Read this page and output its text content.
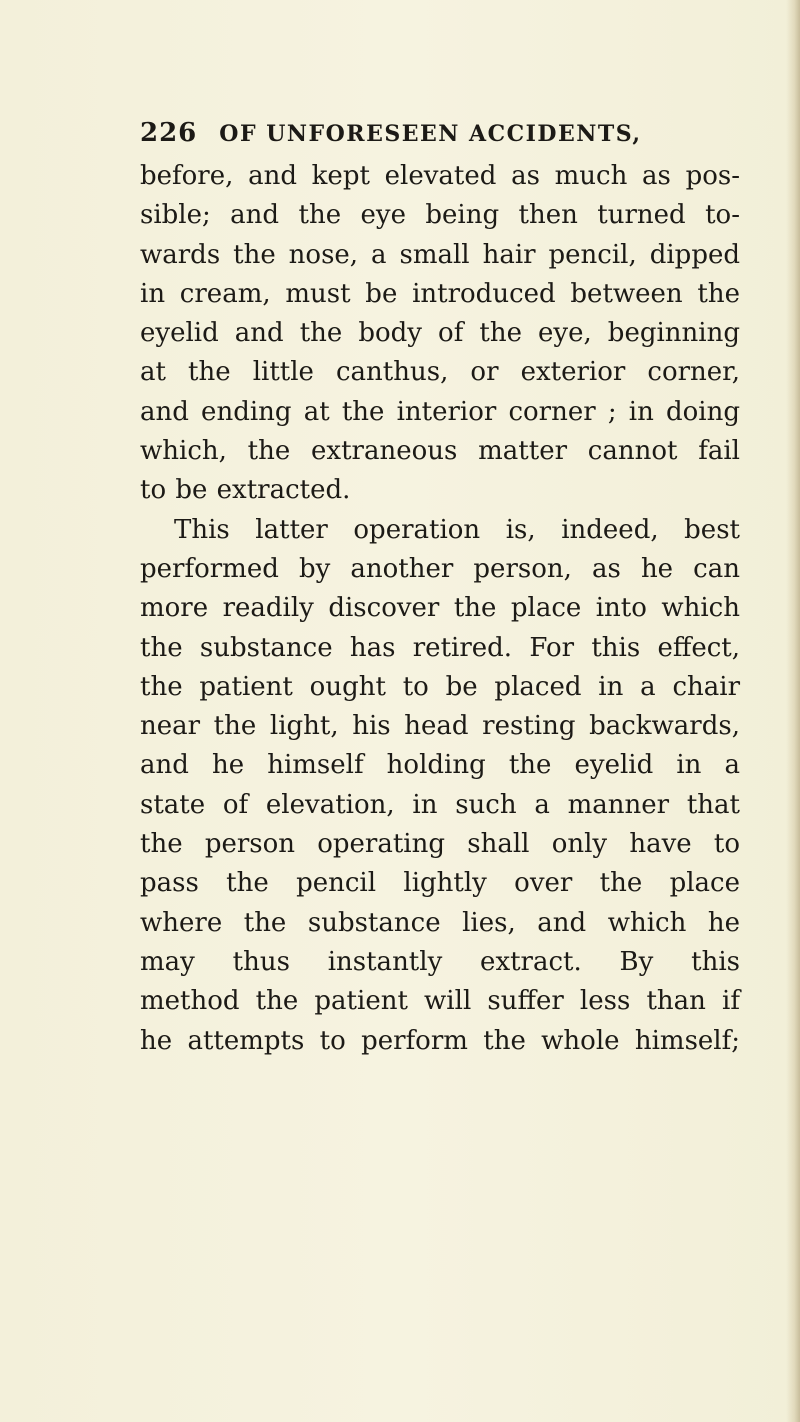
226 OF UNFORESEEN ACCIDENTS,
before, and kept elevated as much as pos-
sible; and the eye being then turned to-
wards the nose, a small hair pencil, dipped
in cream, must be introduced between the
eyelid and the body of the eye, beginning
at the little canthus, or exterior corner,
and ending at the interior corner ; in doing
which, the extraneous matter cannot fail
to be extracted.
This latter operation is, indeed, best
performed by another person, as he can
more readily discover the place into which
the substance has retired. For this effect,
the patient ought to be placed in a chair
near the light, his head resting backwards,
and he himself holding the eyelid in a
state of elevation, in such a manner that
the person operating shall only have to
pass the pencil lightly over the place
where the substance lies, and which he
may thus instantly extract. By this
method the patient will suffer less than if
he attempts to perform the whole himself;
